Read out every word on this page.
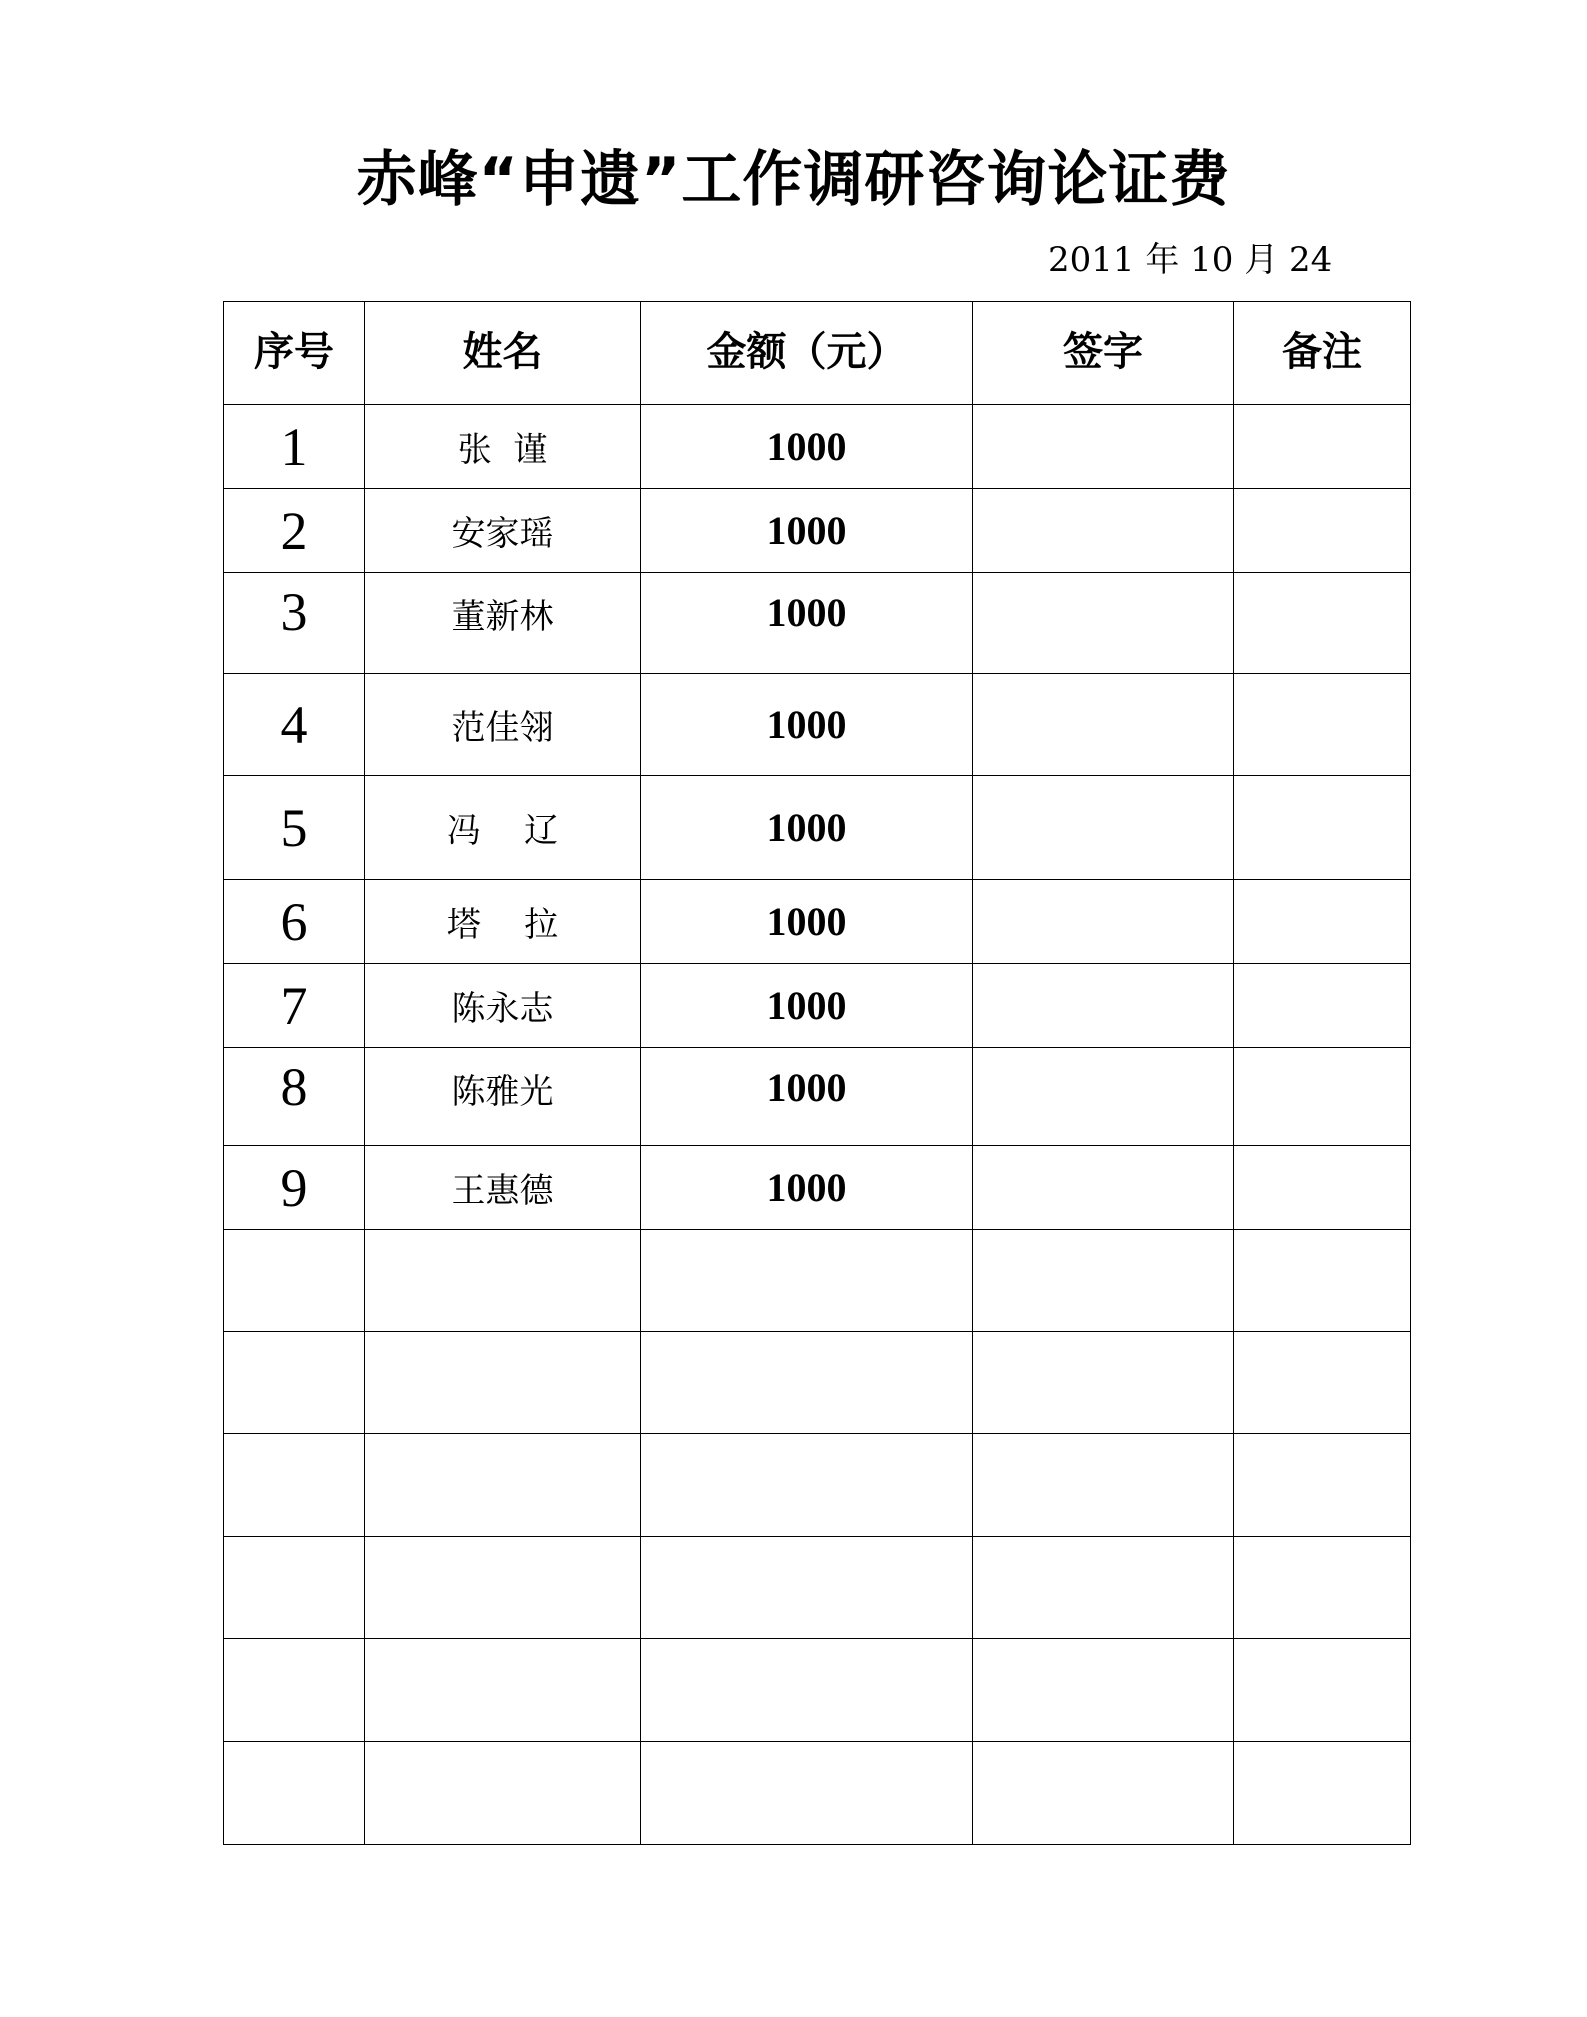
赤峰“申遗”工作调研咨询论证费
2011 年 10 月 24
序号	姓名	金额（元）	签字	备注
1	张  谨	1000		
2	安家瑶	1000		
3	董新林	1000		
4	范佳翎	1000		
5	冯    辽	1000		
6	塔    拉	1000		
7	陈永志	1000		
8	陈雅光	1000		
9	王惠德	1000		
